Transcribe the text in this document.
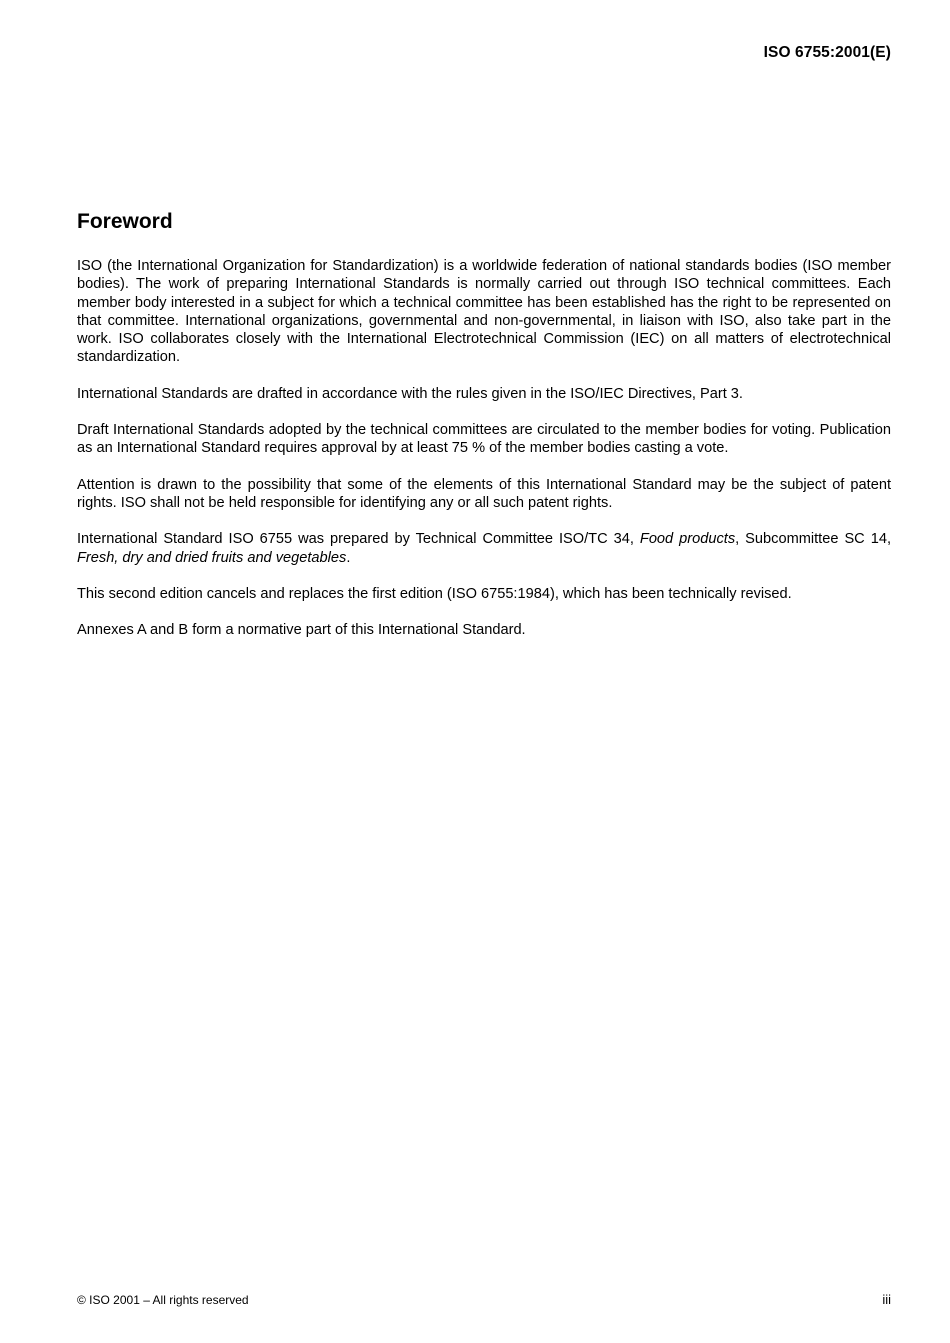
ISO 6755:2001(E)
Foreword

ISO (the International Organization for Standardization) is a worldwide federation of national standards bodies (ISO member bodies). The work of preparing International Standards is normally carried out through ISO technical committees. Each member body interested in a subject for which a technical committee has been established has the right to be represented on that committee. International organizations, governmental and non-governmental, in liaison with ISO, also take part in the work. ISO collaborates closely with the International Electrotechnical Commission (IEC) on all matters of electrotechnical standardization.

International Standards are drafted in accordance with the rules given in the ISO/IEC Directives, Part 3.

Draft International Standards adopted by the technical committees are circulated to the member bodies for voting. Publication as an International Standard requires approval by at least 75 % of the member bodies casting a vote.

Attention is drawn to the possibility that some of the elements of this International Standard may be the subject of patent rights. ISO shall not be held responsible for identifying any or all such patent rights.

International Standard ISO 6755 was prepared by Technical Committee ISO/TC 34, Food products, Subcommittee SC 14, Fresh, dry and dried fruits and vegetables.

This second edition cancels and replaces the first edition (ISO 6755:1984), which has been technically revised.

Annexes A and B form a normative part of this International Standard.

© ISO 2001 – All rights reserved	iii
